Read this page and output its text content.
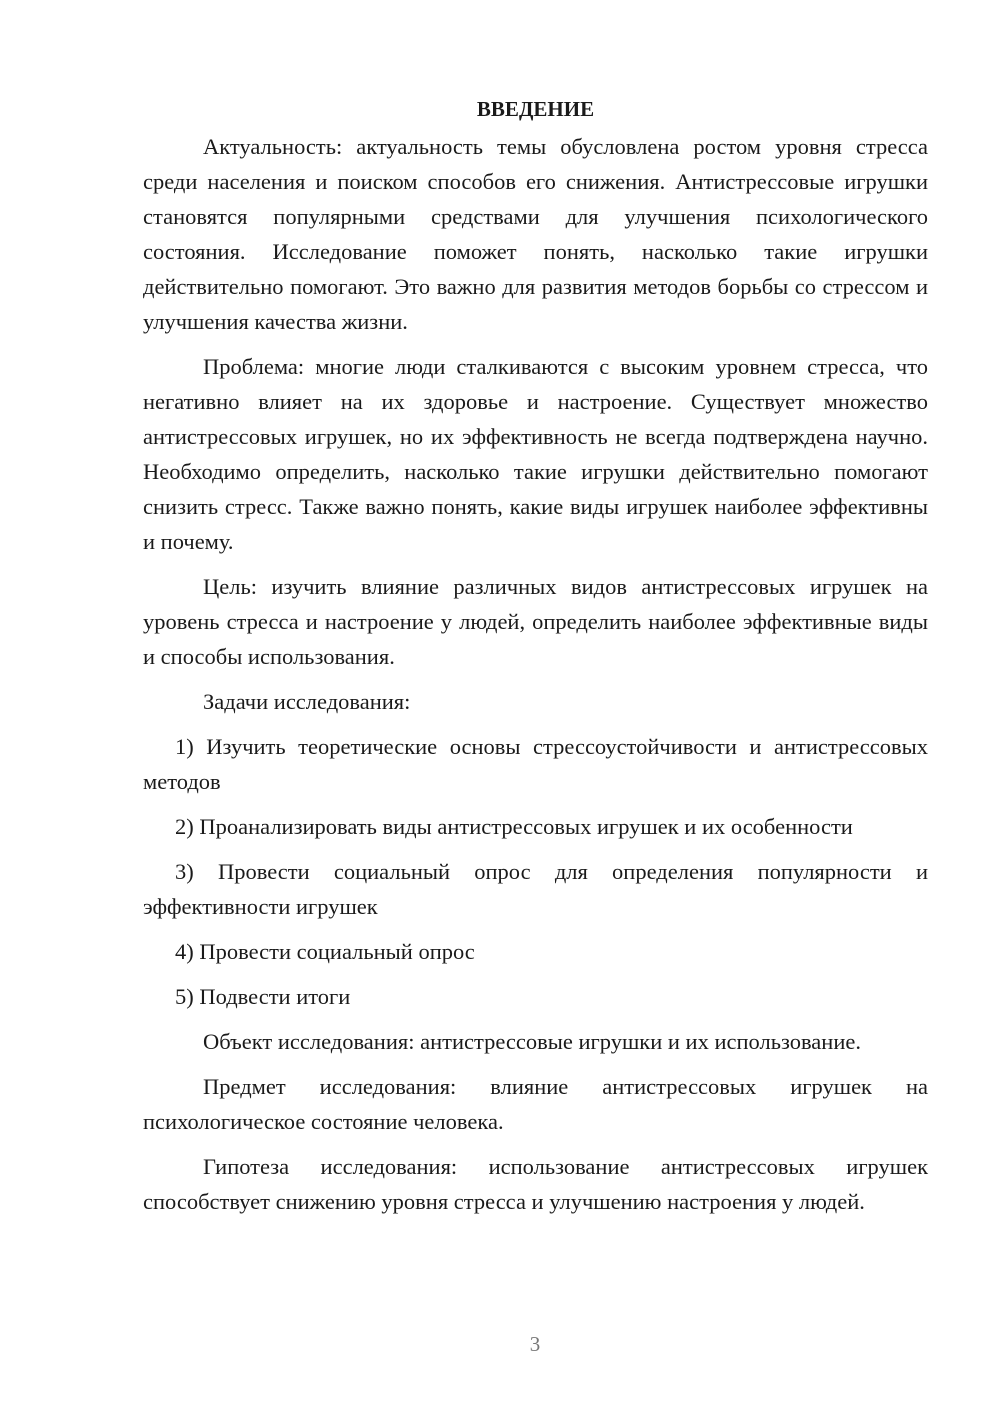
ВВЕДЕНИЕ

Актуальность: актуальность темы обусловлена ростом уровня стресса среди населения и поиском способов его снижения. Антистрессовые игрушки становятся популярными средствами для улучшения психологического состояния. Исследование поможет понять, насколько такие игрушки действительно помогают. Это важно для развития методов борьбы со стрессом и улучшения качества жизни.

Проблема: многие люди сталкиваются с высоким уровнем стресса, что негативно влияет на их здоровье и настроение. Существует множество антистрессовых игрушек, но их эффективность не всегда подтверждена научно. Необходимо определить, насколько такие игрушки действительно помогают снизить стресс. Также важно понять, какие виды игрушек наиболее эффективны и почему.

Цель: изучить влияние различных видов антистрессовых игрушек на уровень стресса и настроение у людей, определить наиболее эффективные виды и способы использования.

Задачи исследования:

1) Изучить теоретические основы стрессоустойчивости и антистрессовых методов

2) Проанализировать виды антистрессовых игрушек и их особенности

3) Провести социальный опрос для определения популярности и эффективности игрушек

4) Провести социальный опрос

5) Подвести итоги

Объект исследования: антистрессовые игрушки и их использование.

Предмет исследования: влияние антистрессовых игрушек на психологическое состояние человека.

Гипотеза исследования: использование антистрессовых игрушек способствует снижению уровня стресса и улучшению настроения у людей.

3
